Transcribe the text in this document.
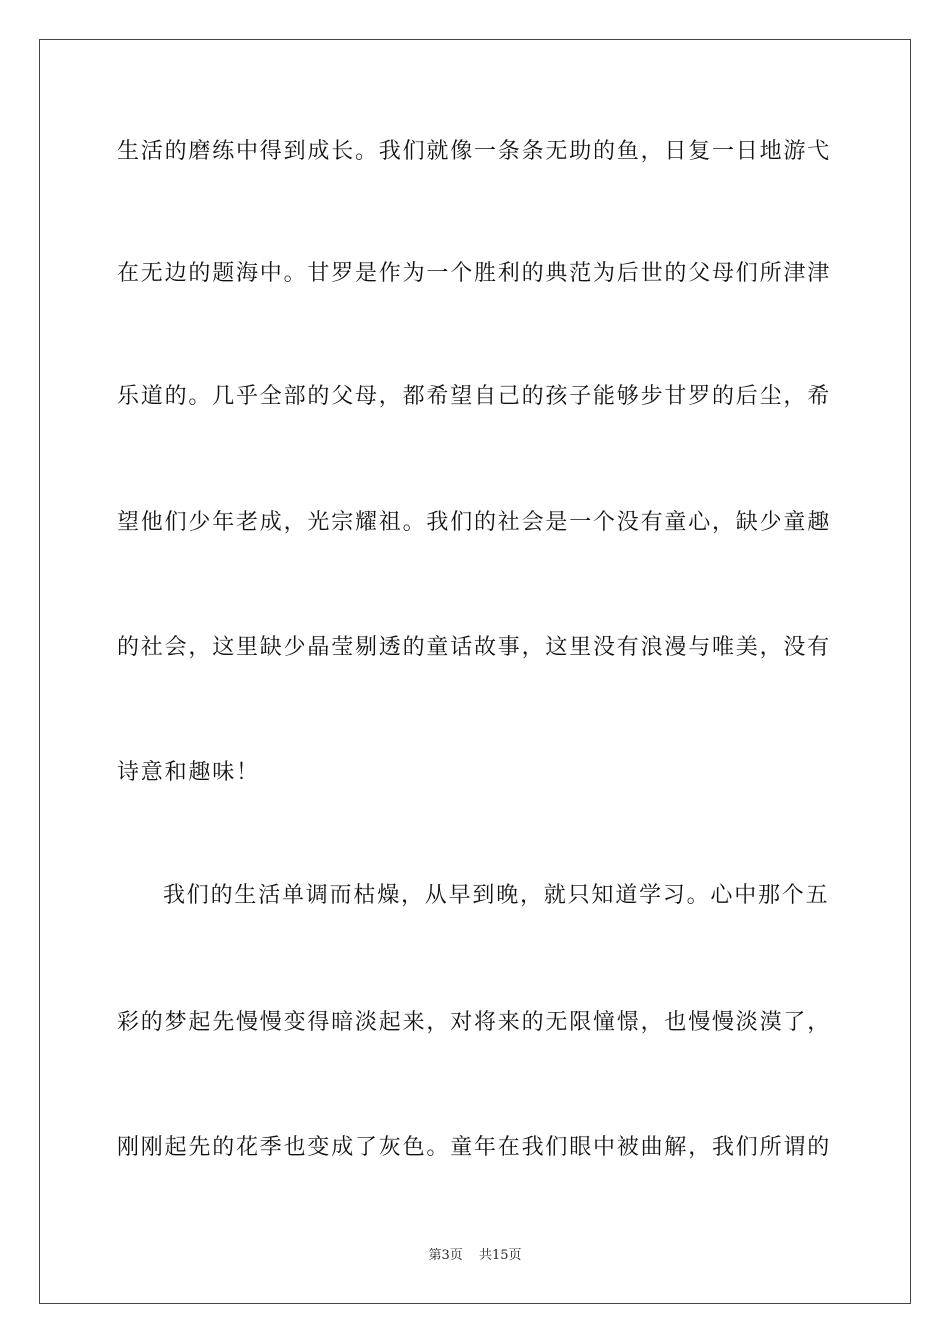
生活的磨练中得到成长。我们就像一条条无助的鱼，日复一日地游弋
在无边的题海中。甘罗是作为一个胜利的典范为后世的父母们所津津
乐道的。几乎全部的父母，都希望自己的孩子能够步甘罗的后尘，希
望他们少年老成，光宗耀祖。我们的社会是一个没有童心，缺少童趣
的社会，这里缺少晶莹剔透的童话故事，这里没有浪漫与唯美，没有
诗意和趣味！
我们的生活单调而枯燥，从早到晚，就只知道学习。心中那个五
彩的梦起先慢慢变得暗淡起来，对将来的无限憧憬，也慢慢淡漠了，
刚刚起先的花季也变成了灰色。童年在我们眼中被曲解，我们所谓的
第3页 共15页
